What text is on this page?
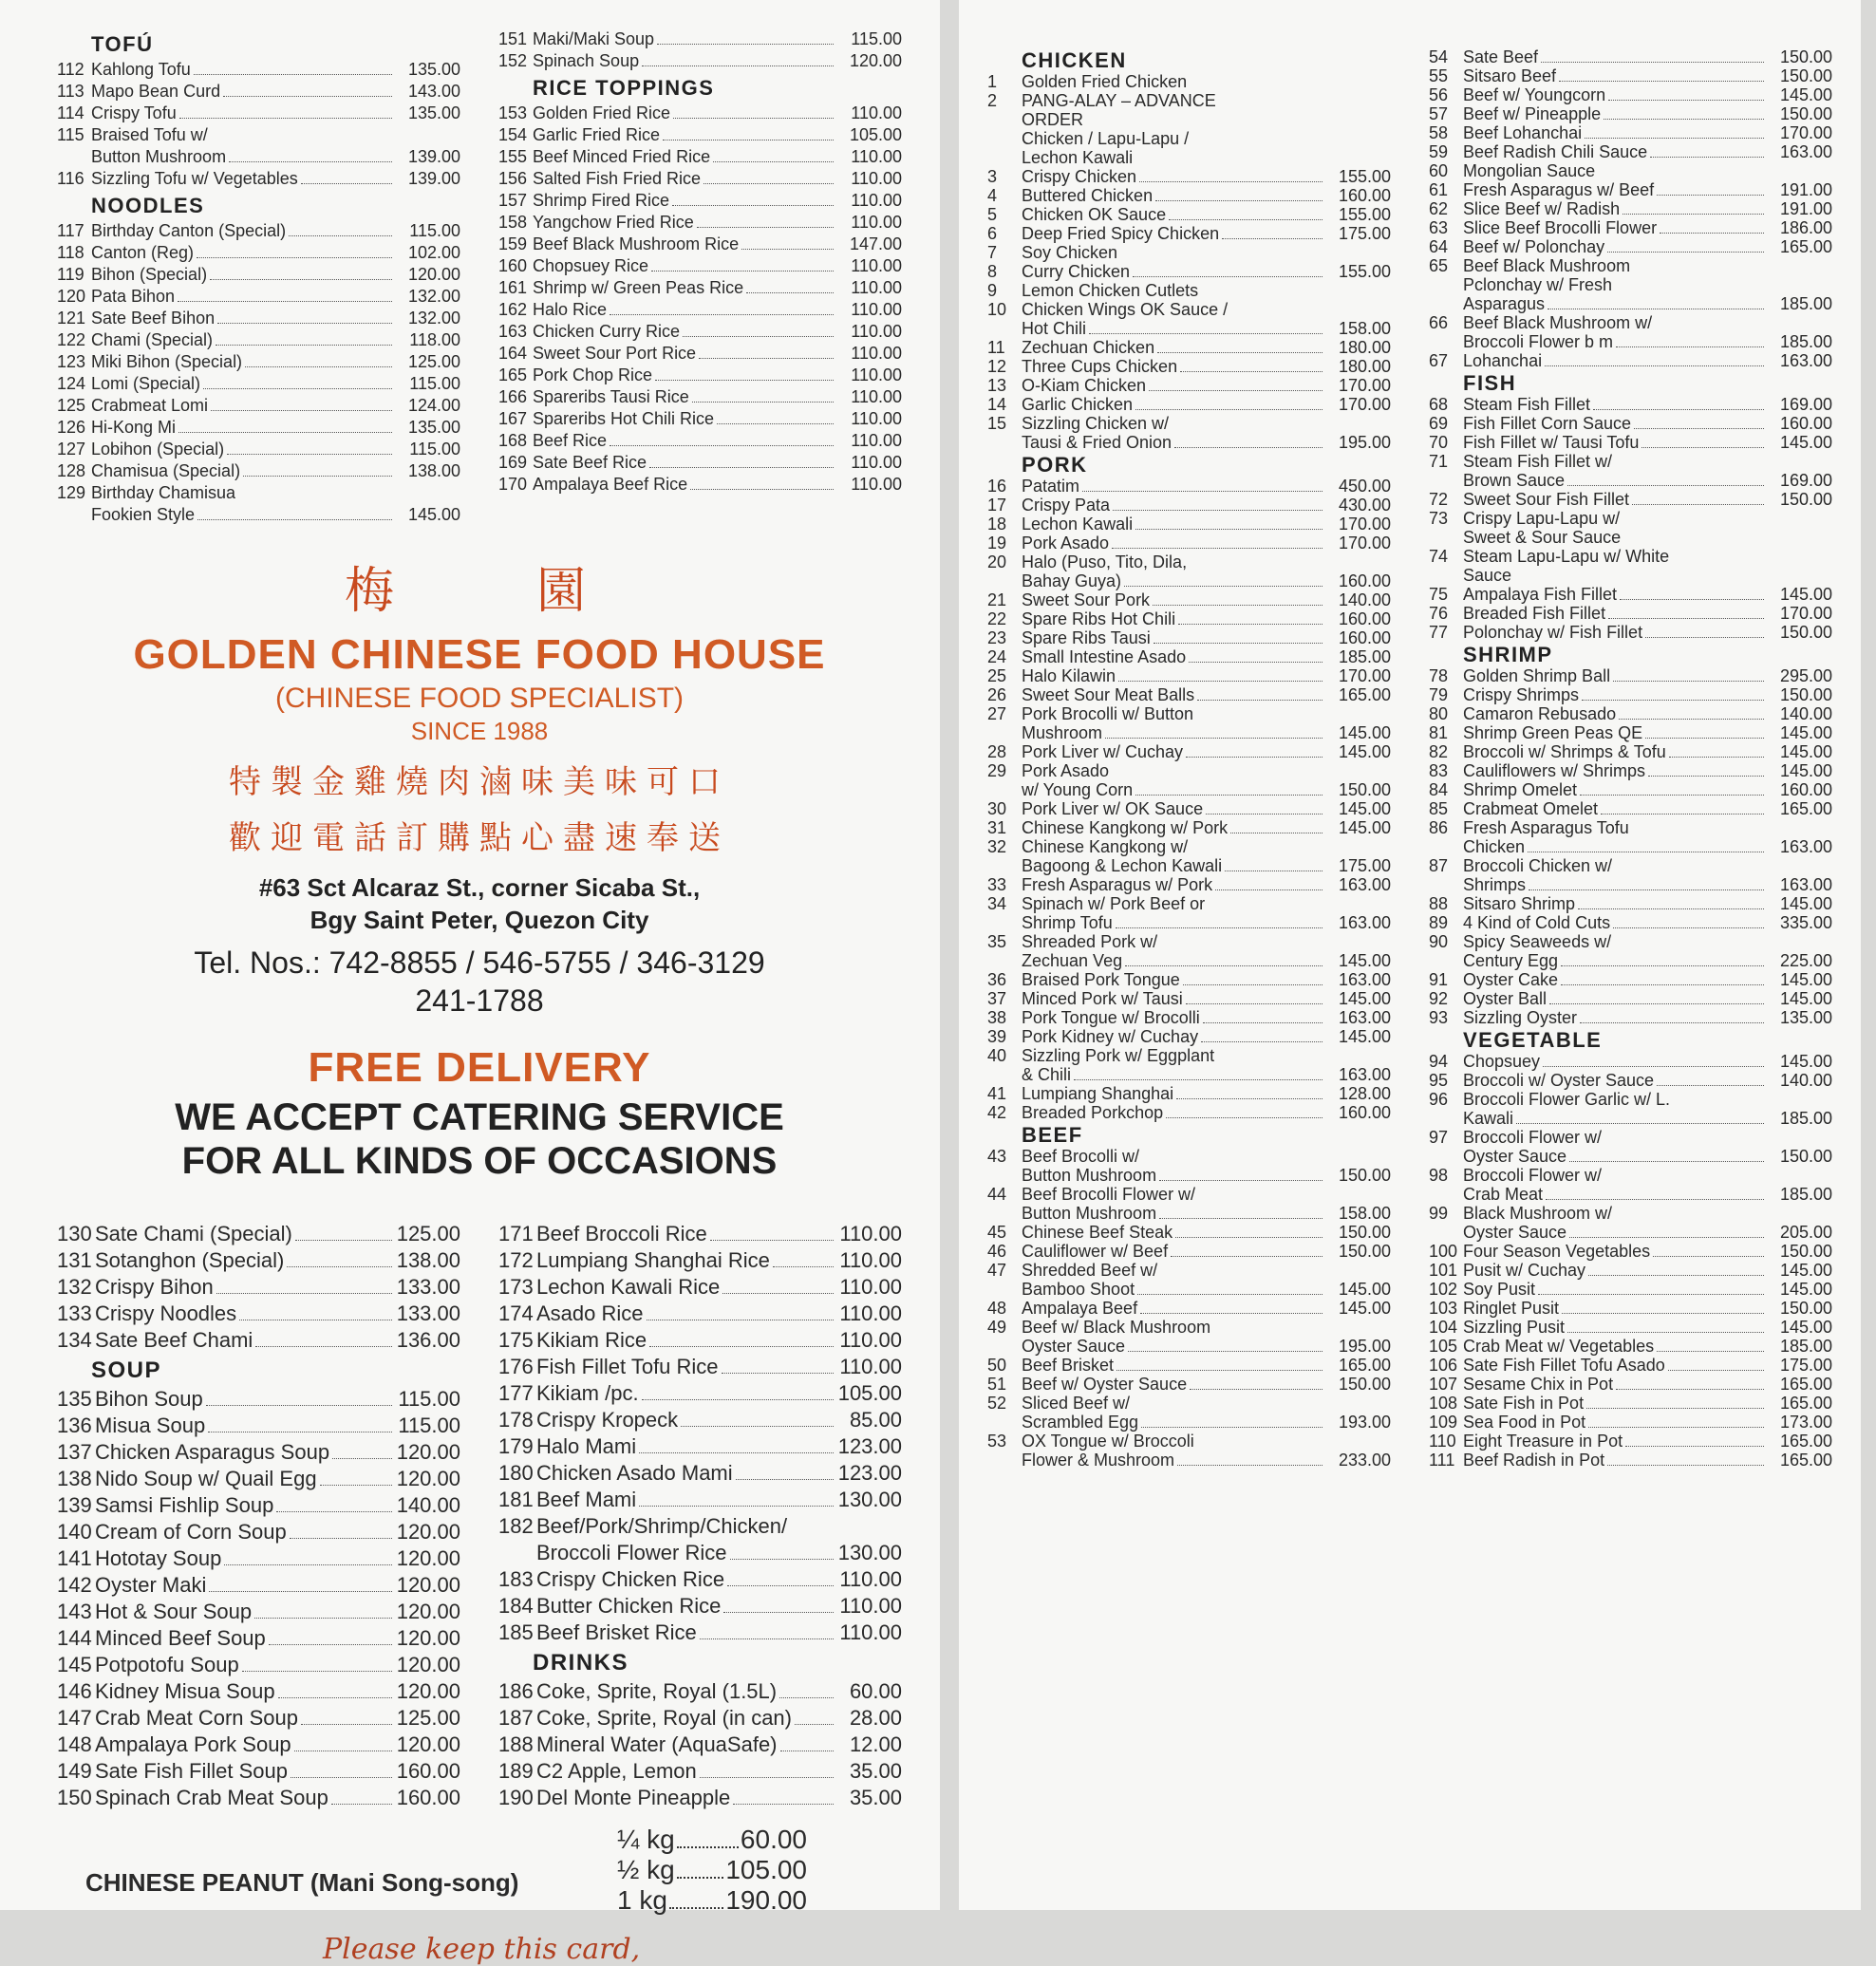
TOFÚ
112 Kahlong Tofu	135.00
113 Mapo Bean Curd	143.00
114 Crispy Tofu	135.00
115 Braised Tofu w/
Button Mushroom	139.00
116 Sizzling Tofu w/ Vegetables	139.00
NOODLES
117 Birthday Canton (Special)	115.00
118 Canton (Reg)	102.00
119 Bihon (Special)	120.00
120 Pata Bihon	132.00
121 Sate Beef Bihon	132.00
122 Chami (Special)	118.00
123 Miki Bihon (Special)	125.00
124 Lomi (Special)	115.00
125 Crabmeat Lomi	124.00
126 Hi-Kong Mi	135.00
127 Lobihon (Special)	115.00
128 Chamisua (Special)	138.00
129 Birthday Chamisua
Fookien Style	145.00
151 Maki/Maki Soup	115.00
152 Spinach Soup	120.00
RICE TOPPINGS
153 Golden Fried Rice	110.00
154 Garlic Fried Rice	105.00
155 Beef Minced Fried Rice	110.00
156 Salted Fish Fried Rice	110.00
157 Shrimp Fired Rice	110.00
158 Yangchow Fried Rice	110.00
159 Beef Black Mushroom Rice	147.00
160 Chopsuey Rice	110.00
161 Shrimp w/ Green Peas Rice	110.00
162 Halo Rice	110.00
163 Chicken Curry Rice	110.00
164 Sweet Sour Port Rice	110.00
165 Pork Chop Rice	110.00
166 Spareribs Tausi Rice	110.00
167 Spareribs Hot Chili Rice	110.00
168 Beef Rice	110.00
169 Sate Beef Rice	110.00
170 Ampalaya Beef Rice	110.00
梅園
GOLDEN CHINESE FOOD HOUSE
(CHINESE FOOD SPECIALIST)
SINCE 1988
特製金雞燒肉滷味美味可口
歡迎電話訂購點心盡速奉送
#63 Sct Alcaraz St., corner Sicaba St.,
Bgy Saint Peter, Quezon City
Tel. Nos.: 742-8855 / 546-5755 / 346-3129
241-1788
FREE DELIVERY
WE ACCEPT CATERING SERVICE
FOR ALL KINDS OF OCCASIONS
130 Sate Chami (Special)	125.00
131 Sotanghon (Special)	138.00
132 Crispy Bihon	133.00
133 Crispy Noodles	133.00
134 Sate Beef Chami	136.00
SOUP
135 Bihon Soup	115.00
136 Misua Soup	115.00
137 Chicken Asparagus Soup	120.00
138 Nido Soup w/ Quail Egg	120.00
139 Samsi Fishlip Soup	140.00
140 Cream of Corn Soup	120.00
141 Hototay Soup	120.00
142 Oyster Maki	120.00
143 Hot & Sour Soup	120.00
144 Minced Beef Soup	120.00
145 Potpotofu Soup	120.00
146 Kidney Misua Soup	120.00
147 Crab Meat Corn Soup	125.00
148 Ampalaya Pork Soup	120.00
149 Sate Fish Fillet Soup	160.00
150 Spinach Crab Meat Soup	160.00
171 Beef Broccoli Rice	110.00
172 Lumpiang Shanghai Rice	110.00
173 Lechon Kawali Rice	110.00
174 Asado Rice	110.00
175 Kikiam Rice	110.00
176 Fish Fillet Tofu Rice	110.00
177 Kikiam /pc.	105.00
178 Crispy Kropeck	85.00
179 Halo Mami	123.00
180 Chicken Asado Mami	123.00
181 Beef Mami	130.00
182 Beef/Pork/Shrimp/Chicken/
Broccoli Flower Rice	130.00
183 Crispy Chicken Rice	110.00
184 Butter Chicken Rice	110.00
185 Beef Brisket Rice	110.00
DRINKS
186 Coke, Sprite, Royal (1.5L)	60.00
187 Coke, Sprite, Royal (in can)	28.00
188 Mineral Water (AquaSafe)	12.00
189 C2 Apple, Lemon	35.00
190 Del Monte Pineapple	35.00
CHINESE PEANUT (Mani Song-song)
¼ kg 60.00
½ kg 105.00
1 kg 190.00
Please keep this card,
CHICKEN
1	Golden Fried Chicken
2	PANG-ALAY – ADVANCE
ORDER
Chicken / Lapu-Lapu /
Lechon Kawali
3	Crispy Chicken	155.00
4	Buttered Chicken	160.00
5	Chicken OK Sauce	155.00
6	Deep Fried Spicy Chicken	175.00
7	Soy Chicken
8	Curry Chicken	155.00
9	Lemon Chicken Cutlets
10 Chicken Wings OK Sauce /
Hot Chili	158.00
11 Zechuan Chicken	180.00
12 Three Cups Chicken	180.00
13 O-Kiam Chicken	170.00
14 Garlic Chicken	170.00
15 Sizzling Chicken w/
Tausi & Fried Onion	195.00
PORK
16 Patatim	450.00
17 Crispy Pata	430.00
18 Lechon Kawali	170.00
19 Pork Asado	170.00
20 Halo (Puso, Tito, Dila,
Bahay Guya)	160.00
21 Sweet Sour Pork	140.00
22 Spare Ribs Hot Chili	160.00
23 Spare Ribs Tausi	160.00
24 Small Intestine Asado	185.00
25 Halo Kilawin	170.00
26 Sweet Sour Meat Balls	165.00
27 Pork Brocolli w/ Button
Mushroom	145.00
28 Pork Liver w/ Cuchay	145.00
29 Pork Asado
w/ Young Corn	150.00
30 Pork Liver w/ OK Sauce	145.00
31 Chinese Kangkong w/ Pork	145.00
32 Chinese Kangkong w/
Bagoong & Lechon Kawali	175.00
33 Fresh Asparagus w/ Pork	163.00
34 Spinach w/ Pork Beef or
Shrimp Tofu	163.00
35 Shreaded Pork w/
Zechuan Veg	145.00
36 Braised Pork Tongue	163.00
37 Minced Pork w/ Tausi	145.00
38 Pork Tongue w/ Brocolli	163.00
39 Pork Kidney w/ Cuchay	145.00
40 Sizzling Pork w/ Eggplant
& Chili	163.00
41 Lumpiang Shanghai	128.00
42 Breaded Porkchop	160.00
BEEF
43 Beef Brocolli w/
Button Mushroom	150.00
44 Beef Brocolli Flower w/
Button Mushroom	158.00
45 Chinese Beef Steak	150.00
46 Cauliflower w/ Beef	150.00
47 Shredded Beef w/
Bamboo Shoot	145.00
48 Ampalaya Beef	145.00
49 Beef w/ Black Mushroom
Oyster Sauce	195.00
50 Beef Brisket	165.00
51 Beef w/ Oyster Sauce	150.00
52 Sliced Beef w/
Scrambled Egg	193.00
53 OX Tongue w/ Broccoli
Flower & Mushroom	233.00
54 Sate Beef	150.00
55 Sitsaro Beef	150.00
56 Beef w/ Youngcorn	145.00
57 Beef w/ Pineapple	150.00
58 Beef Lohanchai	170.00
59 Beef Radish Chili Sauce	163.00
60 Mongolian Sauce
61 Fresh Asparagus w/ Beef	191.00
62 Slice Beef w/ Radish	191.00
63 Slice Beef Brocolli Flower	186.00
64 Beef w/ Polonchay	165.00
65 Beef Black Mushroom
Pclonchay w/ Fresh
Asparagus	185.00
66 Beef Black Mushroom w/
Broccoli Flower b m	185.00
67 Lohanchai	163.00
FISH
68 Steam Fish Fillet	169.00
69 Fish Fillet Corn Sauce	160.00
70 Fish Fillet w/ Tausi Tofu	145.00
71 Steam Fish Fillet w/
Brown Sauce	169.00
72 Sweet Sour Fish Fillet	150.00
73 Crispy Lapu-Lapu w/
Sweet & Sour Sauce
74 Steam Lapu-Lapu w/ White
Sauce
75 Ampalaya Fish Fillet	145.00
76 Breaded Fish Fillet	170.00
77 Polonchay w/ Fish Fillet	150.00
SHRIMP
78 Golden Shrimp Ball	295.00
79 Crispy Shrimps	150.00
80 Camaron Rebusado	140.00
81 Shrimp Green Peas QE	145.00
82 Broccoli w/ Shrimps & Tofu	145.00
83 Cauliflowers w/ Shrimps	145.00
84 Shrimp Omelet	160.00
85 Crabmeat Omelet	165.00
86 Fresh Asparagus Tofu
Chicken	163.00
87 Broccoli Chicken w/
Shrimps	163.00
88 Sitsaro Shrimp	145.00
89 4 Kind of Cold Cuts	335.00
90 Spicy Seaweeds w/
Century Egg	225.00
91 Oyster Cake	145.00
92 Oyster Ball	145.00
93 Sizzling Oyster	135.00
VEGETABLE
94 Chopsuey	145.00
95 Broccoli w/ Oyster Sauce	140.00
96 Broccoli Flower Garlic w/ L.
Kawali	185.00
97 Broccoli Flower w/
Oyster Sauce	150.00
98 Broccoli Flower w/
Crab Meat	185.00
99 Black Mushroom w/
Oyster Sauce	205.00
100 Four Season Vegetables	150.00
101 Pusit w/ Cuchay	145.00
102 Soy Pusit	145.00
103 Ringlet Pusit	150.00
104 Sizzling Pusit	145.00
105 Crab Meat w/ Vegetables	185.00
106 Sate Fish Fillet Tofu Asado	175.00
107 Sesame Chix in Pot	165.00
108 Sate Fish in Pot	165.00
109 Sea Food in Pot	173.00
110 Eight Treasure in Pot	165.00
111 Beef Radish in Pot	165.00
